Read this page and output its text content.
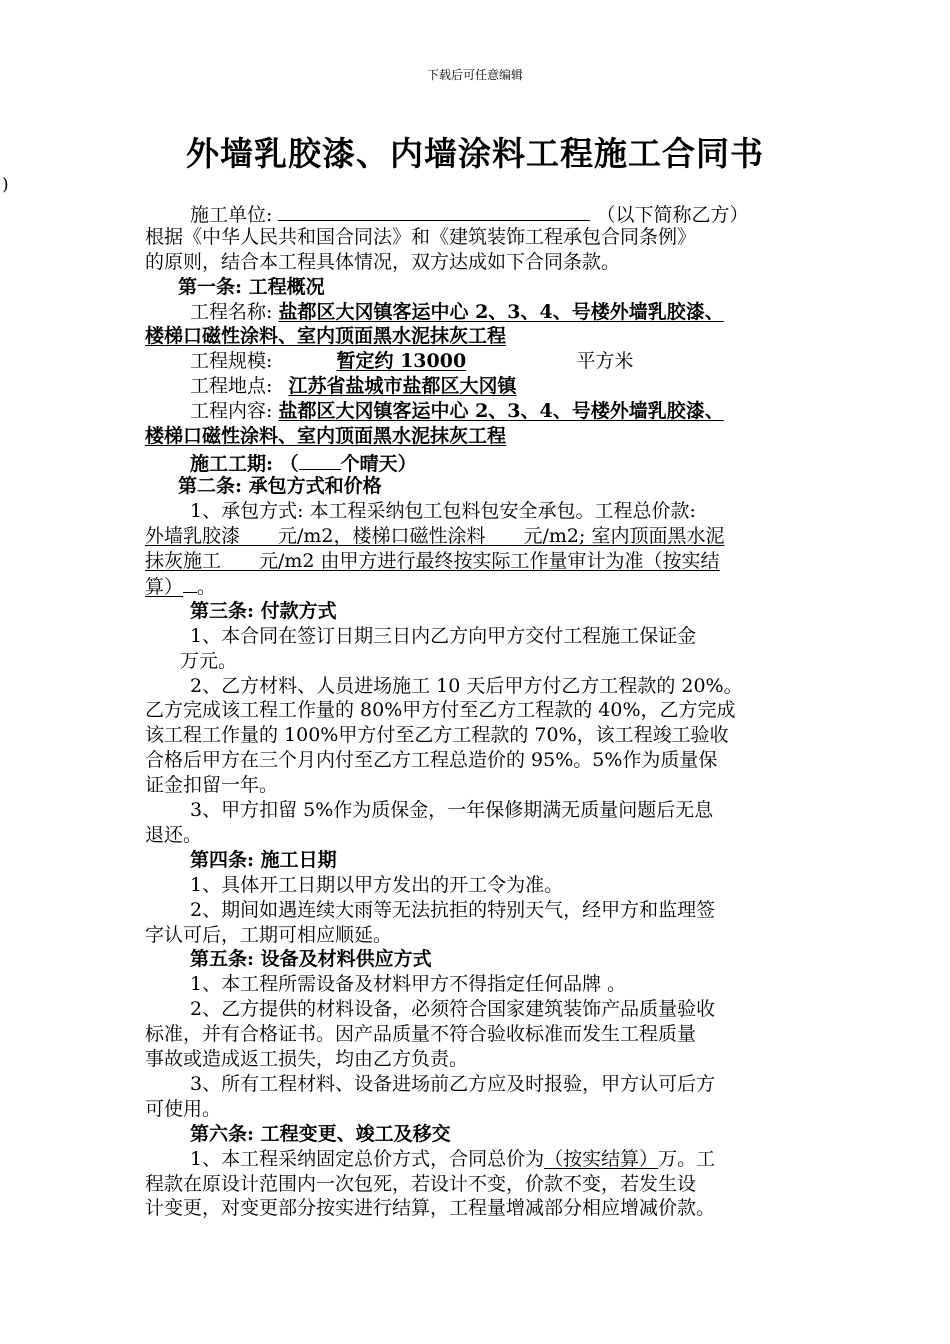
下载后可任意编辑
外墙乳胶漆、内墙涂料工程施工合同书
)
施工单位:	（以下简称乙方）
根据《中华人民共和国合同法》和《建筑装饰工程承包合同条例》
的原则，结合本工程具体情况，双方达成如下合同条款。
第一条: 工程概况
工程名称: 盐都区大冈镇客运中心 2、3、4、号楼外墙乳胶漆、
楼梯口磁性涂料、室内顶面黑水泥抹灰工程
工程规模:	暂定约 13000	平方米
工程地点: 江苏省盐城市盐都区大冈镇
工程内容: 盐都区大冈镇客运中心 2、3、4、号楼外墙乳胶漆、
楼梯口磁性涂料、室内顶面黑水泥抹灰工程
施工工期: （ 个晴天）
第二条: 承包方式和价格
1、承包方式: 本工程采纳包工包料包安全承包。工程总价款:
外墙乳胶漆　　元/m2，楼梯口磁性涂料　　元/m2; 室内顶面黑水泥
抹灰施工　　元/m2 由甲方进行最终按实际工作量审计为准（按实结
算） 。
第三条: 付款方式
1、本合同在签订日期三日内乙方向甲方交付工程施工保证金
万元。
2、乙方材料、人员进场施工 10 天后甲方付乙方工程款的 20%。
乙方完成该工程工作量的 80%甲方付至乙方工程款的 40%，乙方完成
该工程工作量的 100%甲方付至乙方工程款的 70%，该工程竣工验收
合格后甲方在三个月内付至乙方工程总造价的 95%。5%作为质量保
证金扣留一年。
3、甲方扣留 5%作为质保金，一年保修期满无质量问题后无息
退还。
第四条: 施工日期
1、具体开工日期以甲方发出的开工令为准。
2、期间如遇连续大雨等无法抗拒的特别天气，经甲方和监理签
字认可后，工期可相应顺延。
第五条: 设备及材料供应方式
1、本工程所需设备及材料甲方不得指定任何品牌 。
2、乙方提供的材料设备，必须符合国家建筑装饰产品质量验收
标准，并有合格证书。因产品质量不符合验收标准而发生工程质量
事故或造成返工损失，均由乙方负责。
3、所有工程材料、设备进场前乙方应及时报验，甲方认可后方
可使用。
第六条: 工程变更、竣工及移交
1、本工程采纳固定总价方式，合同总价为（按实结算）万。工
程款在原设计范围内一次包死，若设计不变，价款不变，若发生设
计变更，对变更部分按实进行结算，工程量增减部分相应增减价款。
